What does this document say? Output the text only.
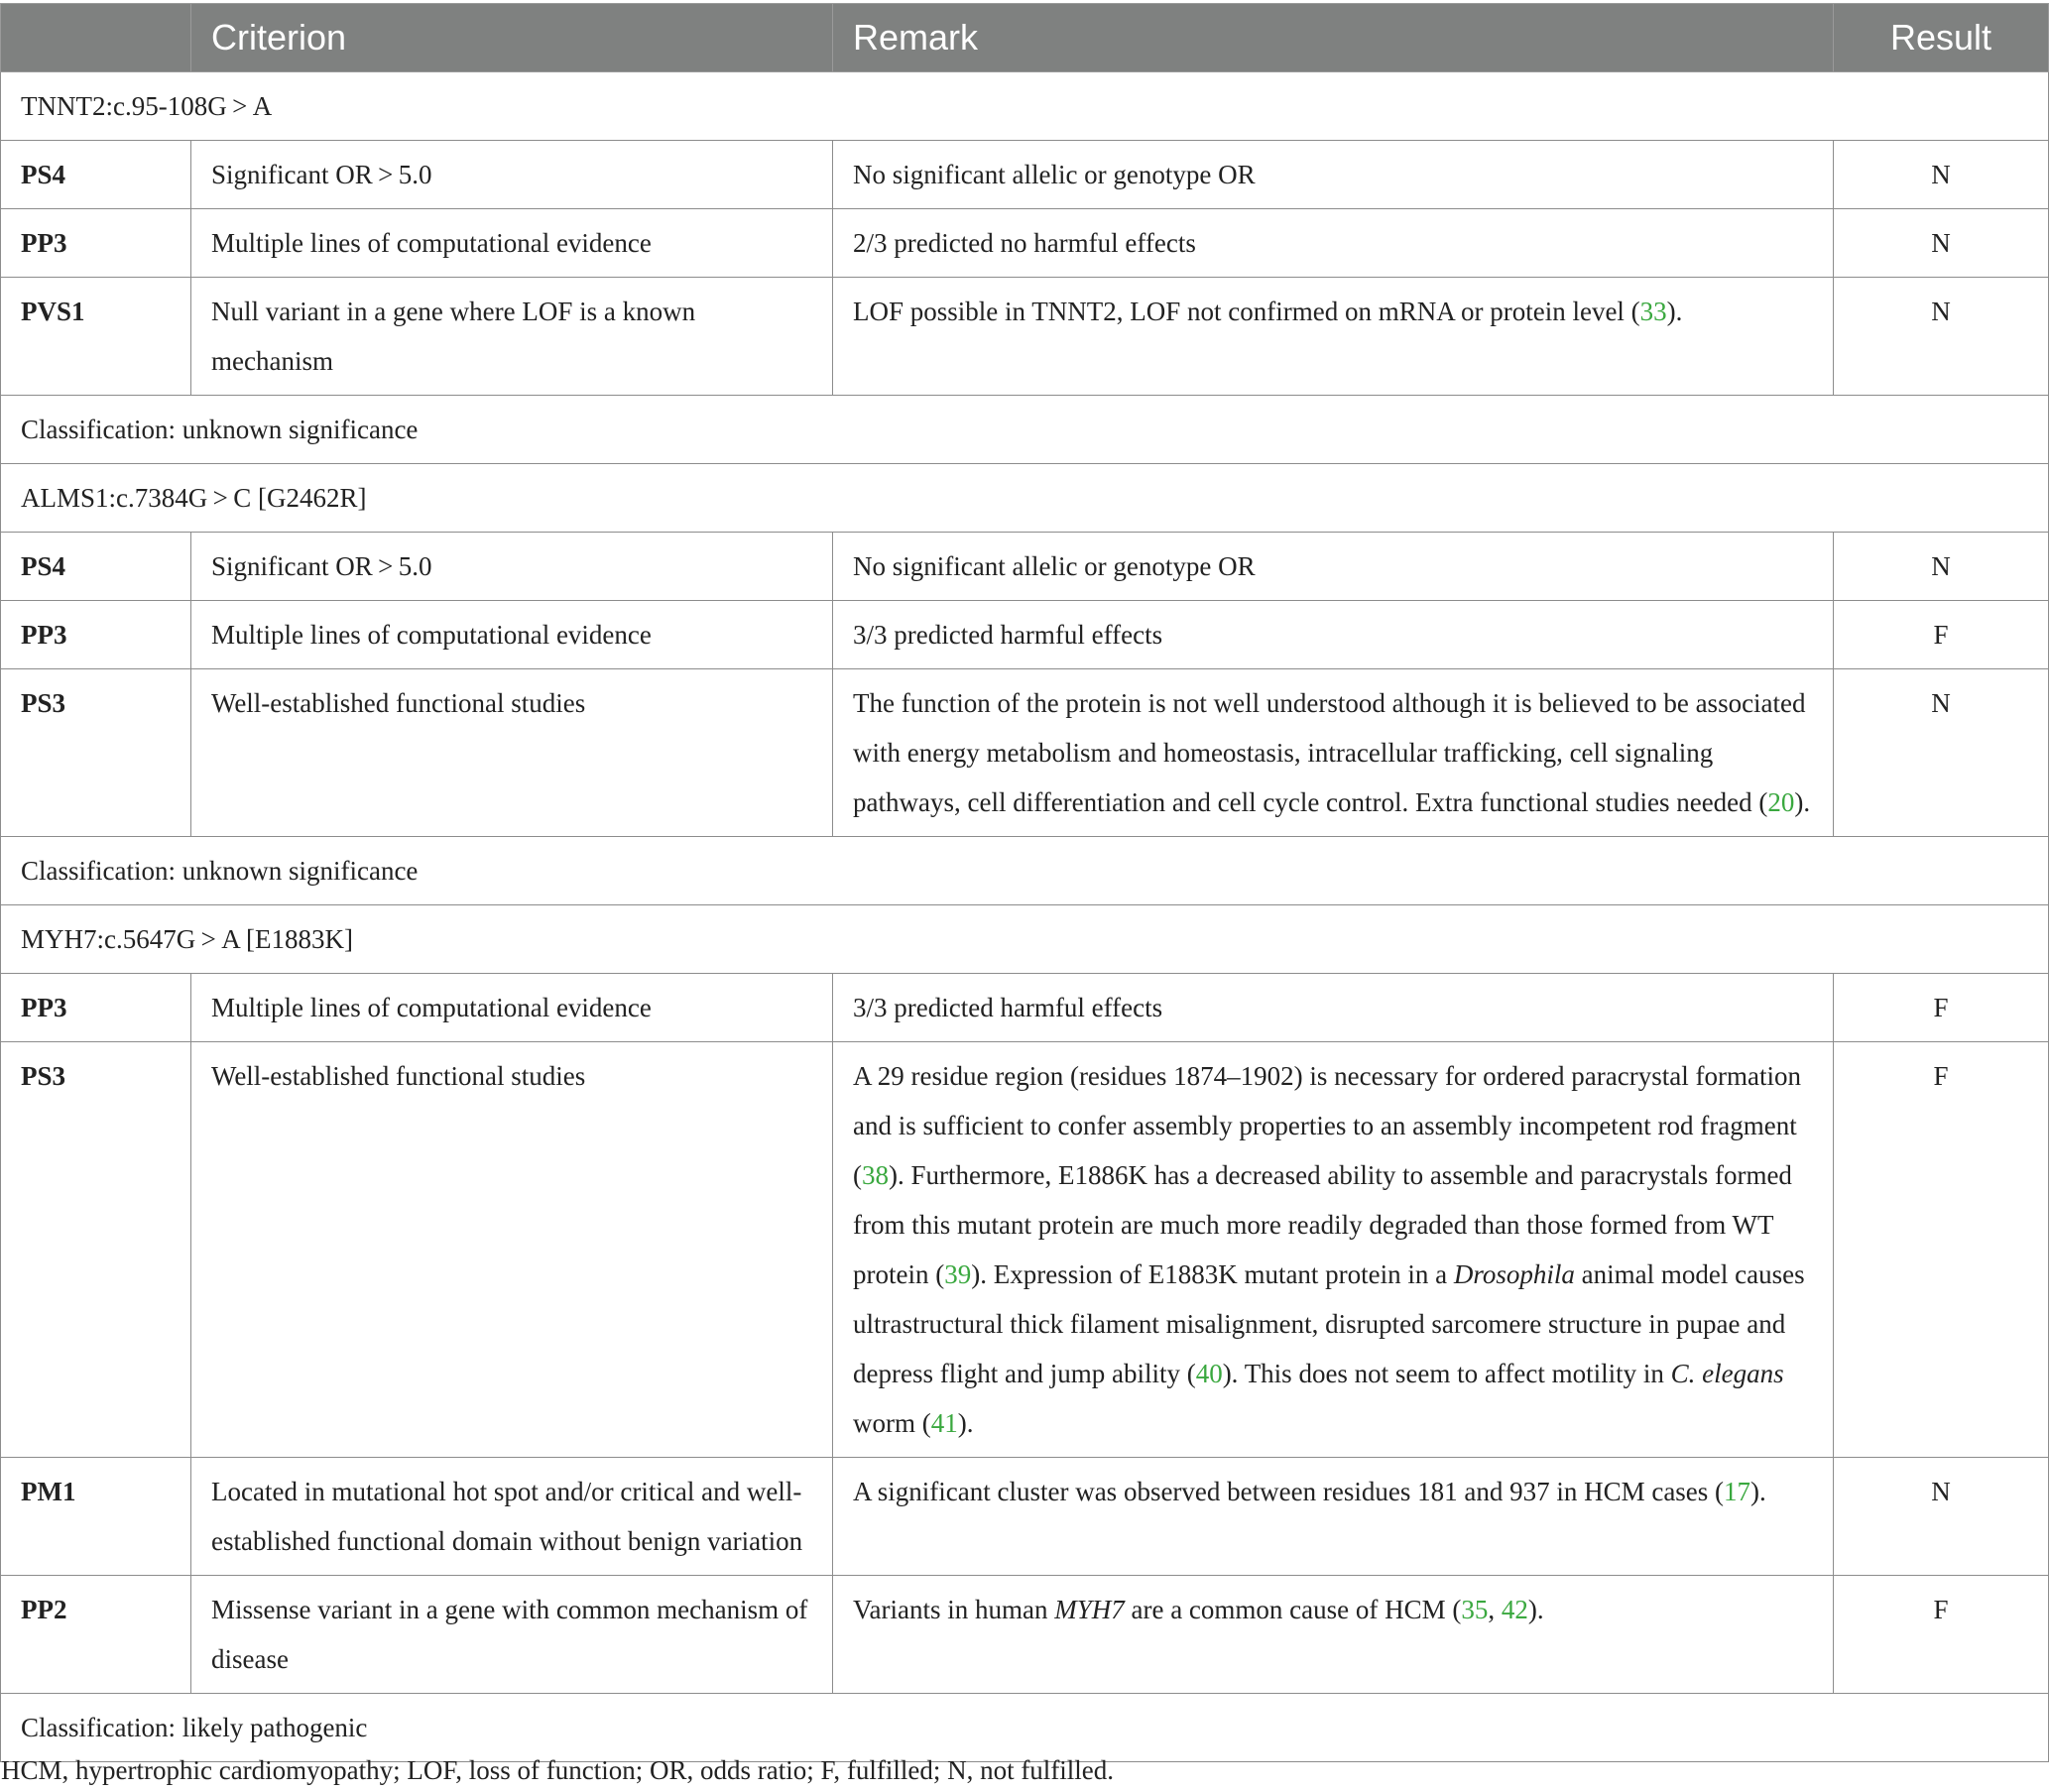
	Criterion	Remark	Result
TNNT2:c.95-108G > A			
PS4	Significant OR > 5.0	No significant allelic or genotype OR	N
PP3	Multiple lines of computational evidence	2/3 predicted no harmful effects	N
PVS1	Null variant in a gene where LOF is a known mechanism	LOF possible in TNNT2, LOF not confirmed on mRNA or protein level (33).	N
Classification: unknown significance			
ALMS1:c.7384G > C [G2462R]			
PS4	Significant OR > 5.0	No significant allelic or genotype OR	N
PP3	Multiple lines of computational evidence	3/3 predicted harmful effects	F
PS3	Well-established functional studies	The function of the protein is not well understood although it is believed to be associated with energy metabolism and homeostasis, intracellular trafficking, cell signaling pathways, cell differentiation and cell cycle control. Extra functional studies needed (20).	N
Classification: unknown significance			
MYH7:c.5647G > A [E1883K]			
PP3	Multiple lines of computational evidence	3/3 predicted harmful effects	F
PS3	Well-established functional studies	A 29 residue region (residues 1874–1902) is necessary for ordered paracrystal formation and is sufficient to confer assembly properties to an assembly incompetent rod fragment (38). Furthermore, E1886K has a decreased ability to assemble and paracrystals formed from this mutant protein are much more readily degraded than those formed from WT protein (39). Expression of E1883K mutant protein in a Drosophila animal model causes ultrastructural thick filament misalignment, disrupted sarcomere structure in pupae and depress flight and jump ability (40). This does not seem to affect motility in C. elegans worm (41).	F
PM1	Located in mutational hot spot and/or critical and well-established functional domain without benign variation	A significant cluster was observed between residues 181 and 937 in HCM cases (17).	N
PP2	Missense variant in a gene with common mechanism of disease	Variants in human MYH7 are a common cause of HCM (35, 42).	F
Classification: likely pathogenic			
HCM, hypertrophic cardiomyopathy; LOF, loss of function; OR, odds ratio; F, fulfilled; N, not fulfilled.
